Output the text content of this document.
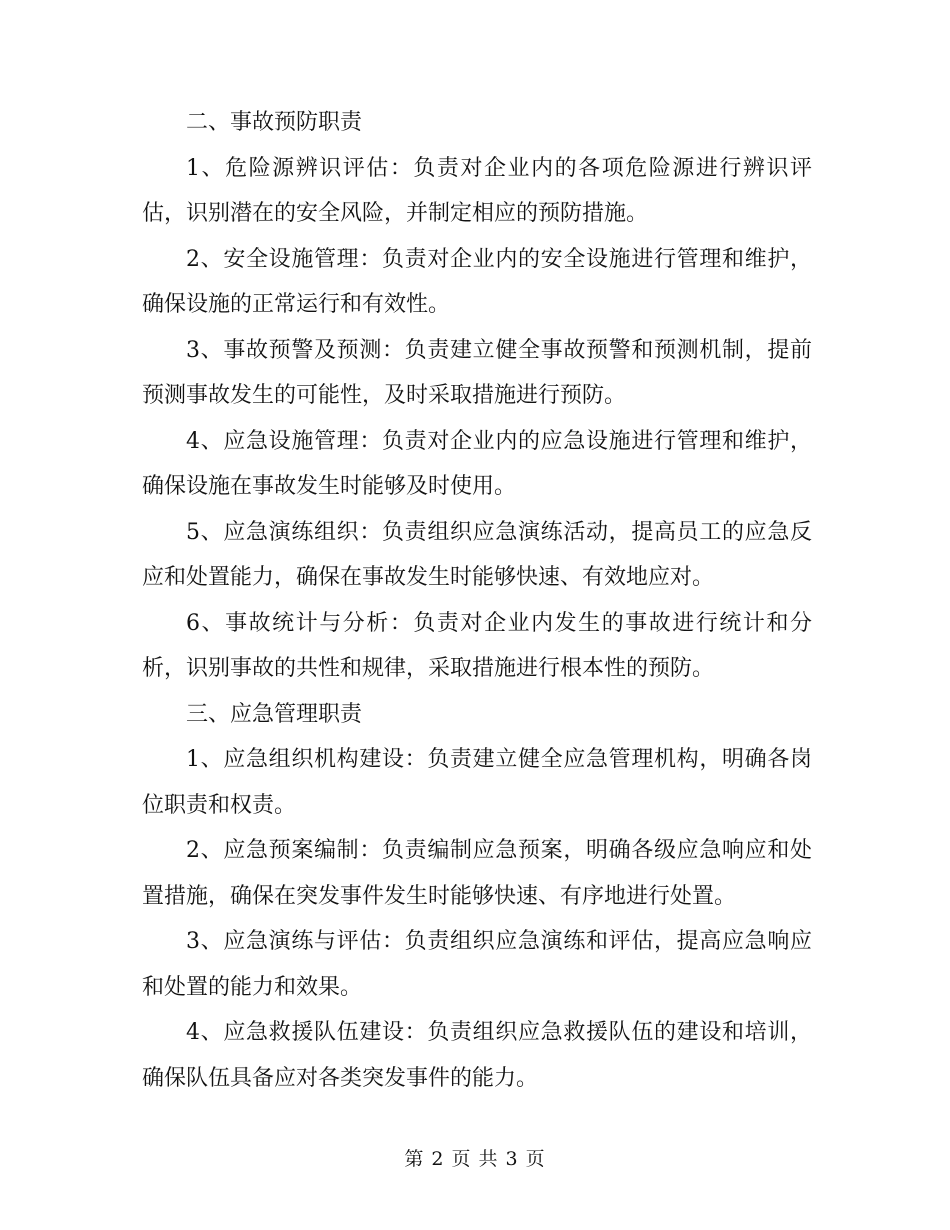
二、事故预防职责

1、危险源辨识评估：负责对企业内的各项危险源进行辨识评估，识别潜在的安全风险，并制定相应的预防措施。

2、安全设施管理：负责对企业内的安全设施进行管理和维护，确保设施的正常运行和有效性。

3、事故预警及预测：负责建立健全事故预警和预测机制，提前预测事故发生的可能性，及时采取措施进行预防。

4、应急设施管理：负责对企业内的应急设施进行管理和维护，确保设施在事故发生时能够及时使用。

5、应急演练组织：负责组织应急演练活动，提高员工的应急反应和处置能力，确保在事故发生时能够快速、有效地应对。

6、事故统计与分析：负责对企业内发生的事故进行统计和分析，识别事故的共性和规律，采取措施进行根本性的预防。

三、应急管理职责

1、应急组织机构建设：负责建立健全应急管理机构，明确各岗位职责和权责。

2、应急预案编制：负责编制应急预案，明确各级应急响应和处置措施，确保在突发事件发生时能够快速、有序地进行处置。

3、应急演练与评估：负责组织应急演练和评估，提高应急响应和处置的能力和效果。

4、应急救援队伍建设：负责组织应急救援队伍的建设和培训，确保队伍具备应对各类突发事件的能力。

第 2 页 共 3 页
